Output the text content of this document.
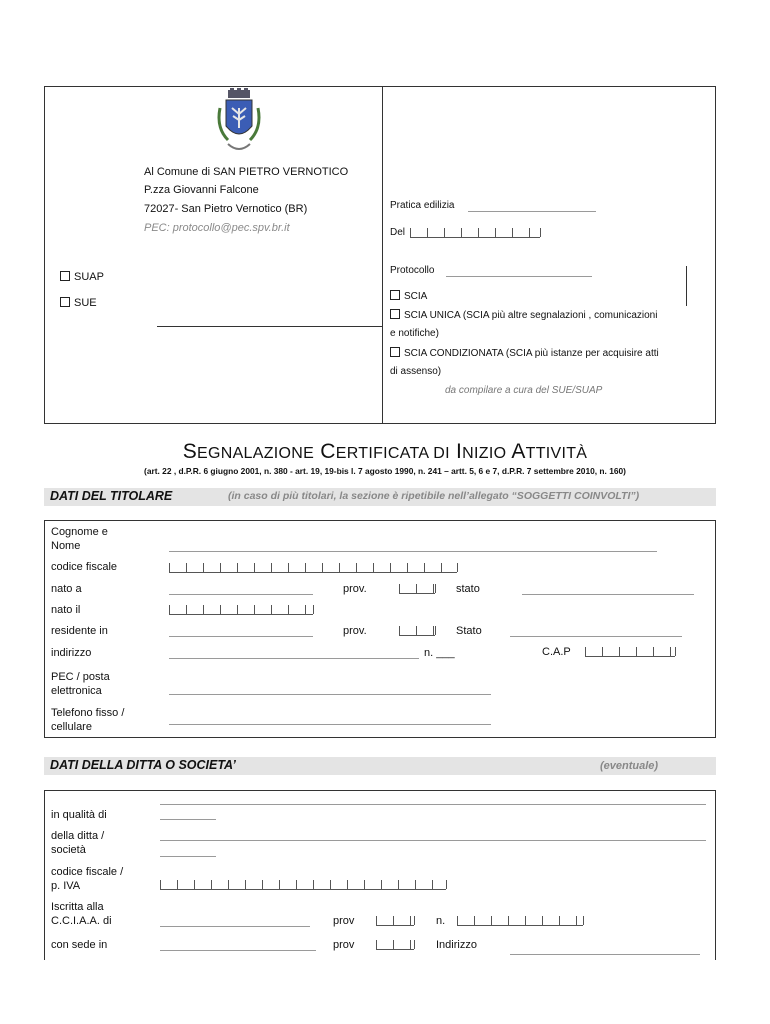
Al Comune di SAN PIETRO VERNOTICO
P.zza Giovanni Falcone
72027- San Pietro Vernotico (BR)
PEC: protocollo@pec.spv.br.it
SUAP
SUE
Pratica edilizia
Del
Protocollo
SCIA
SCIA UNICA (SCIA più altre segnalazioni , comunicazioni
e notifiche)
SCIA CONDIZIONATA (SCIA più istanze per acquisire atti
di assenso)
da compilare a cura del SUE/SUAP
SEGNALAZIONE CERTIFICATA DI INIZIO ATTIVITÀ
(art. 22 , d.P.R. 6 giugno 2001, n. 380 - art. 19, 19-bis l. 7 agosto 1990, n. 241 – artt. 5, 6 e 7, d.P.R. 7 settembre 2010, n. 160)
DATI DEL TITOLARE	(in caso di più titolari, la sezione è ripetibile nell’allegato “SOGGETTI COINVOLTI”)
Cognome e
Nome
codice fiscale
nato a	prov.	stato
nato il
residente in	prov.	Stato
indirizzo	n. ___	C.A.P
PEC / posta
elettronica
Telefono fisso /
cellulare
DATI DELLA DITTA O SOCIETA’	(eventuale)
in qualità di
della ditta /
società
codice fiscale /
p. IVA
Iscritta alla
C.C.I.A.A. di	prov	n.
con sede in	prov	Indirizzo
